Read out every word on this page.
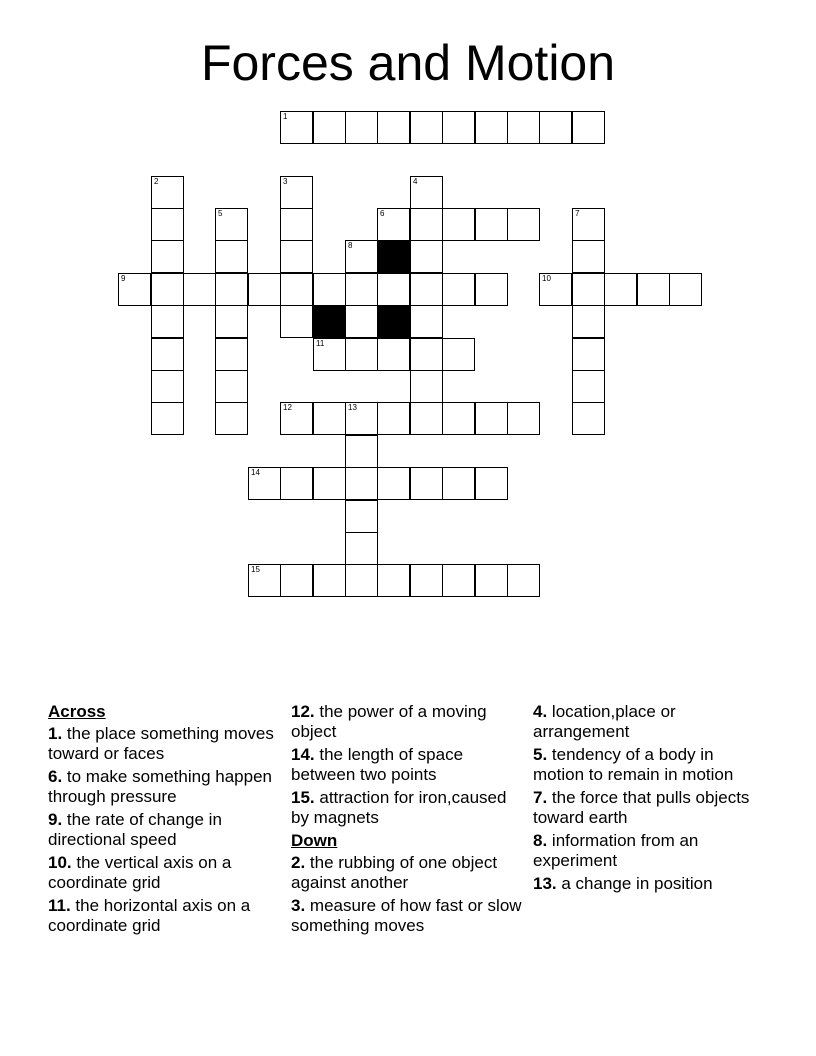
Forces and Motion
1
2	3	4
5	6	7
8
9	10
11
12	13
14
15
Across
1. the place something moves toward or faces
6. to make something happen through pressure
9. the rate of change in directional speed
10. the vertical axis on a coordinate grid
11. the horizontal axis on a coordinate grid
12. the power of a moving object
14. the length of space between two points
15. attraction for iron,caused by magnets
Down
2. the rubbing of one object against another
3. measure of how fast or slow something moves
4. location,place or arrangement
5. tendency of a body in motion to remain in motion
7. the force that pulls objects toward earth
8. information from an experiment
13. a change in position
